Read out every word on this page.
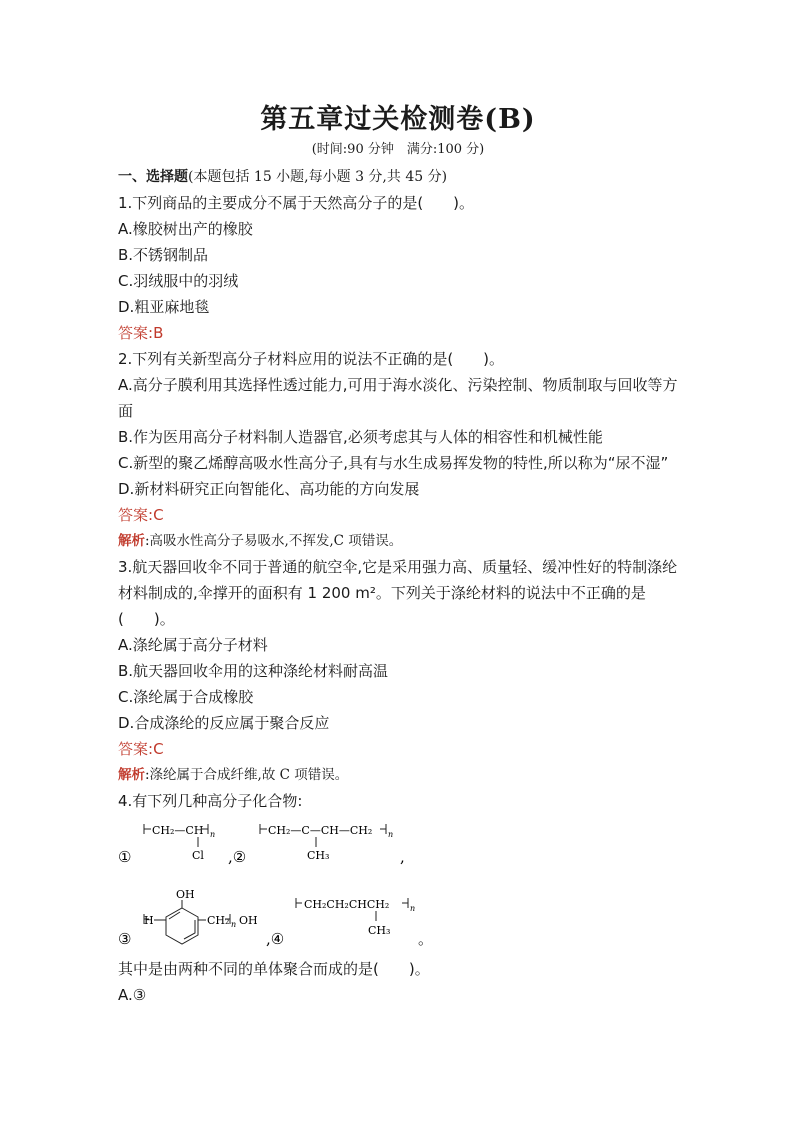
第五章过关检测卷(B)
(时间:90 分钟　满分:100 分)
一、选择题(本题包括 15 小题,每小题 3 分,共 45 分)
1.下列商品的主要成分不属于天然高分子的是(　　)。
A.橡胶树出产的橡胶
B.不锈钢制品
C.羽绒服中的羽绒
D.粗亚麻地毯
答案:B
2.下列有关新型高分子材料应用的说法不正确的是(　　)。
A.高分子膜利用其选择性透过能力,可用于海水淡化、污染控制、物质制取与回收等方面
B.作为医用高分子材料制人造器官,必须考虑其与人体的相容性和机械性能
C.新型的聚乙烯醇高吸水性高分子,具有与水生成易挥发物的特性,所以称为“尿不湿”
D.新材料研究正向智能化、高功能的方向发展
答案:C
解析:高吸水性高分子易吸水,不挥发,C 项错误。
3.航天器回收伞不同于普通的航空伞,它是采用强力高、质量轻、缓冲性好的特制涤纶材料制成的,伞撑开的面积有 1 200 m²。下列关于涤纶材料的说法中不正确的是(　　)。
A.涤纶属于高分子材料
B.航天器回收伞用的这种涤纶材料耐高温
C.涤纶属于合成橡胶
D.合成涤纶的反应属于聚合反应
答案:C
解析:涤纶属于合成纤维,故 C 项错误。
4.有下列几种高分子化合物:
①
CH₂—CH n
Cl ,②
CH₂—C—CH—CH₂ n
CH₃	,
③
OH
H	CH₂ n OH
,④
CH₂CH₂CHCH₂	n
CH₃ 。
其中是由两种不同的单体聚合而成的是(　　)。
A.③
